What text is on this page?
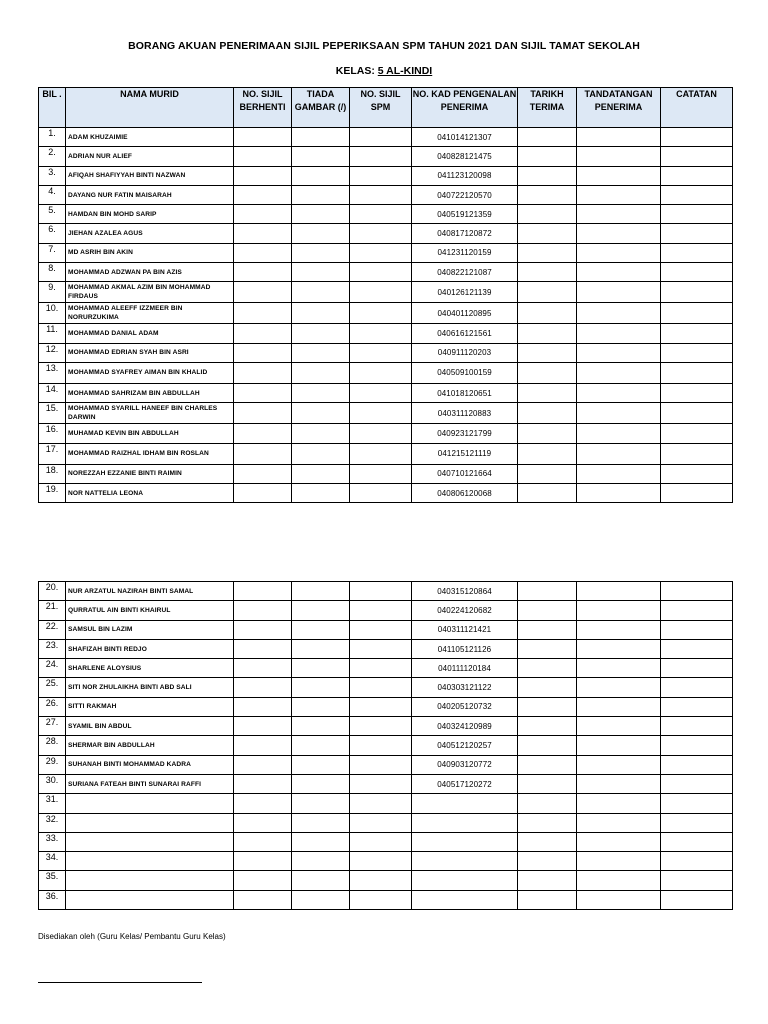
BORANG AKUAN PENERIMAAN SIJIL PEPERIKSAAN SPM TAHUN 2021 DAN SIJIL TAMAT SEKOLAH
KELAS: 5 AL-KINDI
BIL .	NAMA MURID	NO. SIJIL BERHENTI	TIADA GAMBAR (/)	NO. SIJIL SPM	NO. KAD PENGENALAN PENERIMA	TARIKH TERIMA	TANDATANGAN PENERIMA	CATATAN
1.	ADAM KHUZAIMIE				041014121307			
2.	ADRIAN NUR ALIEF				040828121475			
3.	AFIQAH SHAFIYYAH BINTI NAZWAN				041123120098			
4.	DAYANG NUR FATIN MAISARAH				040722120570			
5.	HAMDAN BIN MOHD SARIP				040519121359			
6.	JIEHAN AZALEA AGUS				040817120872			
7.	MD ASRIH BIN AKIN				041231120159			
8.	MOHAMMAD ADZWAN PA BIN AZIS				040822121087			
9.	MOHAMMAD AKMAL AZIM BIN MOHAMMAD FIRDAUS				040126121139			
10.	MOHAMMAD ALEEFF IZZMEER BIN NORURZUKIMA				040401120895			
11.	MOHAMMAD DANIAL ADAM				040616121561			
12.	MOHAMMAD EDRIAN SYAH BIN ASRI				040911120203			
13.	MOHAMMAD SYAFREY AIMAN BIN KHALID				040509100159			
14.	MOHAMMAD SAHRIZAM BIN ABDULLAH				041018120651			
15.	MOHAMMAD SYARILL HANEEF BIN CHARLES DARWIN				040311120883			
16.	MUHAMAD KEVIN BIN ABDULLAH				040923121799			
17.	MOHAMMAD RAIZHAL IDHAM BIN ROSLAN				041215121119			
18.	NOREZZAH EZZANIE BINTI RAIMIN				040710121664			
19.	NOR NATTELIA LEONA				040806120068			
20.	NUR ARZATUL NAZIRAH BINTI SAMAL				040315120864			
21.	QURRATUL AIN BINTI KHAIRUL				040224120682			
22.	SAMSUL BIN LAZIM				040311121421			
23.	SHAFIZAH BINTI REDJO				041105121126			
24.	SHARLENE ALOYSIUS				040111120184			
25.	SITI NOR ZHULAIKHA BINTI ABD SALI				040303121122			
26.	SITTI RAKMAH				040205120732			
27.	SYAMIL BIN ABDUL				040324120989			
28.	SHERMAR BIN ABDULLAH				040512120257			
29.	SUHANAH BINTI MOHAMMAD KADRA				040903120772			
30.	SURIANA FATEAH BINTI SUNARAI RAFFI				040517120272			
31.								
32.								
33.								
34.								
35.								
36.								
Disediakan oleh (Guru Kelas/ Pembantu Guru Kelas)
